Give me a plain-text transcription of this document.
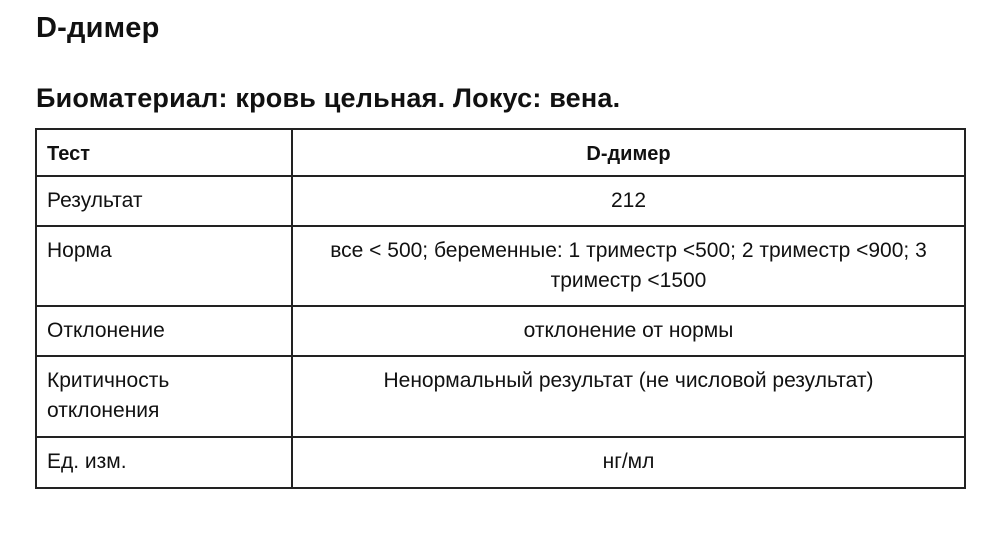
D-димер
Биоматериал: кровь цельная. Локус: вена.
Тест	D-димер
Результат	212
Норма	все < 500; беременные: 1 триместр <500; 2 триместр <900; 3 триместр <1500
Отклонение	отклонение от нормы
Критичность отклонения	Ненормальный результат (не числовой результат)
Ед. изм.	нг/мл
